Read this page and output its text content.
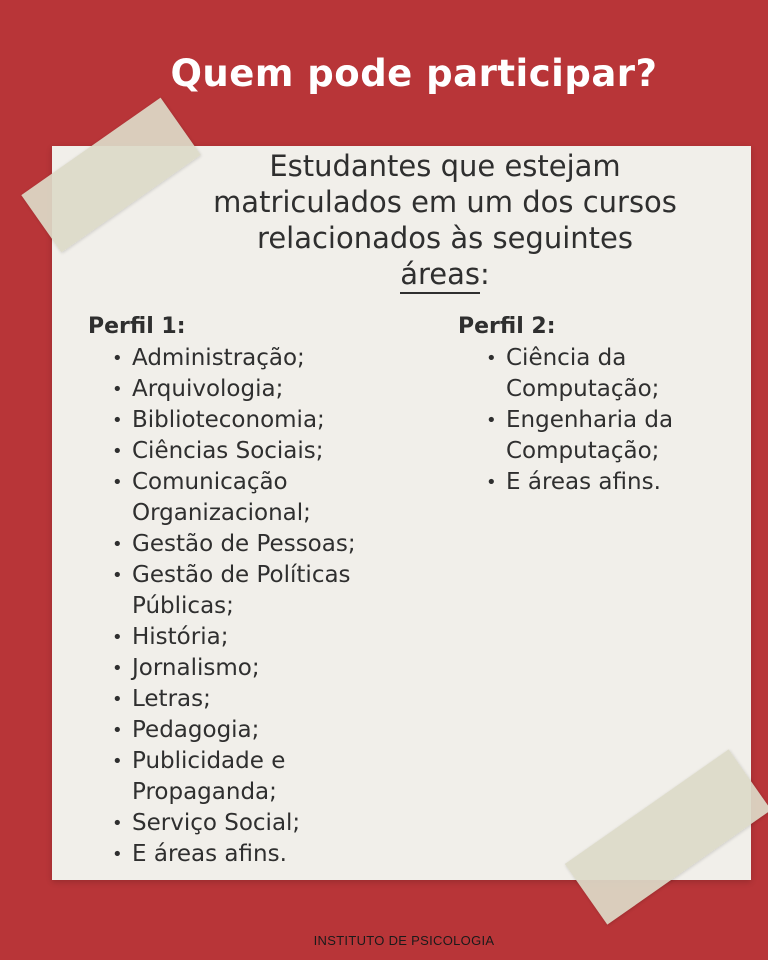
Quem pode participar?
Estudantes que estejam
matriculados em um dos cursos
relacionados às seguintes
áreas:
Perfil 1:
• Administração;
• Arquivologia;
• Biblioteconomia;
• Ciências Sociais;
• Comunicação Organizacional;
• Gestão de Pessoas;
• Gestão de Políticas Públicas;
• História;
• Jornalismo;
• Letras;
• Pedagogia;
• Publicidade e Propaganda;
• Serviço Social;
• E áreas afins.
Perfil 2:
• Ciência da Computação;
• Engenharia da Computação;
• E áreas afins.
INSTITUTO DE PSICOLOGIA
